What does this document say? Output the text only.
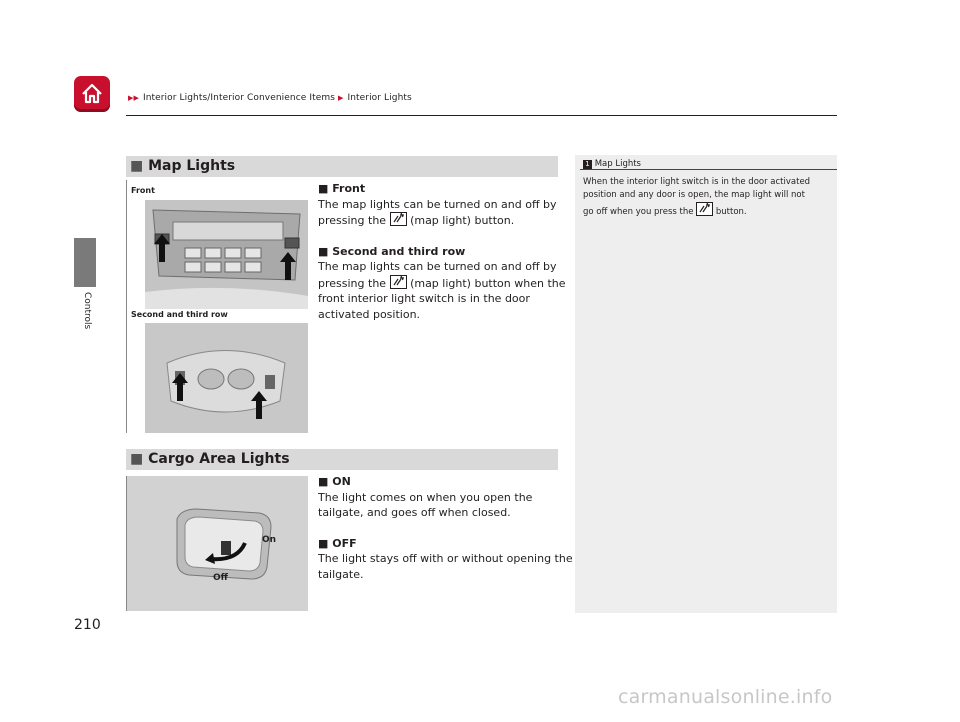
▶▶ Interior Lights/Interior Convenience Items ▶ Interior Lights
Controls
210
■ Map Lights
Front
Second and third row
■ Front
The map lights can be turned on and off by
pressing the (map light) button.
■ Second and third row
The map lights can be turned on and off by
pressing the (map light) button when the
front interior light switch is in the door
activated position.
■ Cargo Area Lights
On
Off
■ ON
The light comes on when you open the
tailgate, and goes off when closed.
■ OFF
The light stays off with or without opening the
tailgate.
1 Map Lights
When the interior light switch is in the door activated
position and any door is open, the map light will not
go off when you press the	button.
carmanualsonline.info
